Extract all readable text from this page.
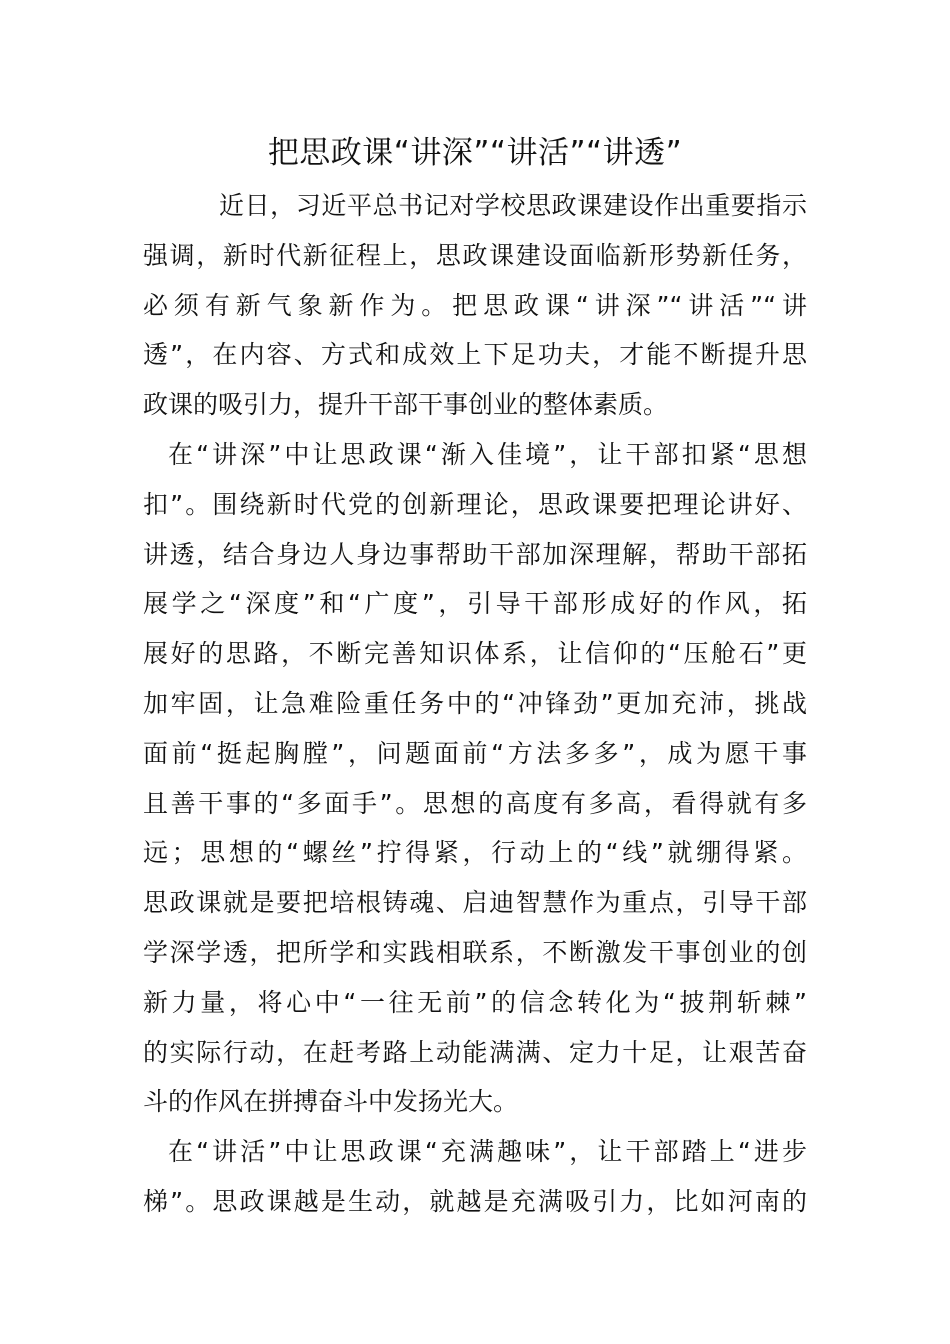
把思政课“讲深”“讲活”“讲透”
近日，习近平总书记对学校思政课建设作出重要指示
强调，新时代新征程上，思政课建设面临新形势新任务，
必须有新气象新作为。把思政课“讲深”“讲活”“讲
透”，在内容、方式和成效上下足功夫，才能不断提升思
政课的吸引力，提升干部干事创业的整体素质。
在“讲深”中让思政课“渐入佳境”，让干部扣紧“思想
扣”。围绕新时代党的创新理论，思政课要把理论讲好、
讲透，结合身边人身边事帮助干部加深理解，帮助干部拓
展学之“深度”和“广度”，引导干部形成好的作风，拓
展好的思路，不断完善知识体系，让信仰的“压舱石”更
加牢固，让急难险重任务中的“冲锋劲”更加充沛，挑战
面前“挺起胸膛”，问题面前“方法多多”，成为愿干事
且善干事的“多面手”。思想的高度有多高，看得就有多
远；思想的“螺丝”拧得紧，行动上的“线”就绷得紧。
思政课就是要把培根铸魂、启迪智慧作为重点，引导干部
学深学透，把所学和实践相联系，不断激发干事创业的创
新力量，将心中“一往无前”的信念转化为“披荆斩棘”
的实际行动，在赶考路上动能满满、定力十足，让艰苦奋
斗的作风在拼搏奋斗中发扬光大。
在“讲活”中让思政课“充满趣味”，让干部踏上“进步
梯”。思政课越是生动，就越是充满吸引力，比如河南的
